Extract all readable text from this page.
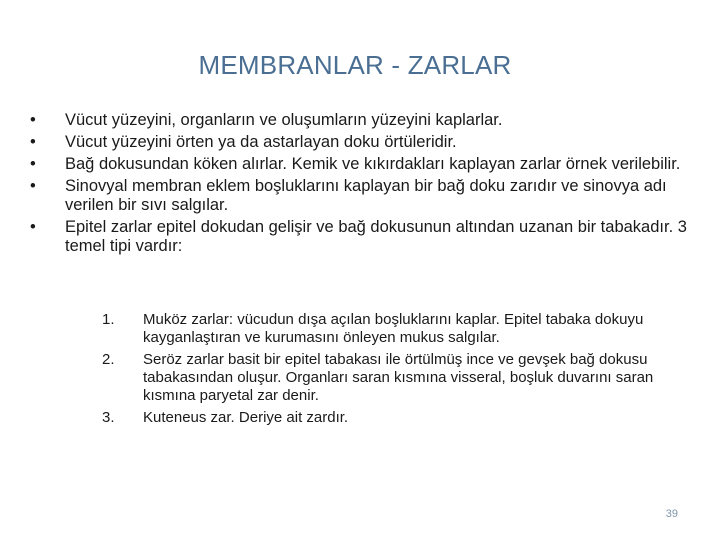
MEMBRANLAR - ZARLAR
•	Vücut yüzeyini, organların ve oluşumların yüzeyini kaplarlar.
•	Vücut yüzeyini örten ya da astarlayan doku örtüleridir.
•	Bağ dokusundan köken alırlar. Kemik ve kıkırdakları kaplayan zarlar örnek verilebilir.
•	Sinovyal membran eklem boşluklarını kaplayan bir bağ doku zarıdır ve sinovya adı verilen bir sıvı salgılar.
•	Epitel zarlar epitel dokudan gelişir ve bağ dokusunun altından uzanan bir tabakadır. 3 temel tipi vardır:
1.	Muköz zarlar: vücudun dışa açılan boşluklarını kaplar. Epitel tabaka dokuyu kayganlaştıran ve kurumasını önleyen mukus salgılar.
2.	Seröz zarlar basit bir epitel tabakası ile örtülmüş ince ve gevşek bağ dokusu tabakasından oluşur. Organları saran kısmına visseral, boşluk duvarını saran kısmına paryetal zar denir.
3.	Kuteneus zar. Deriye ait zardır.
39
